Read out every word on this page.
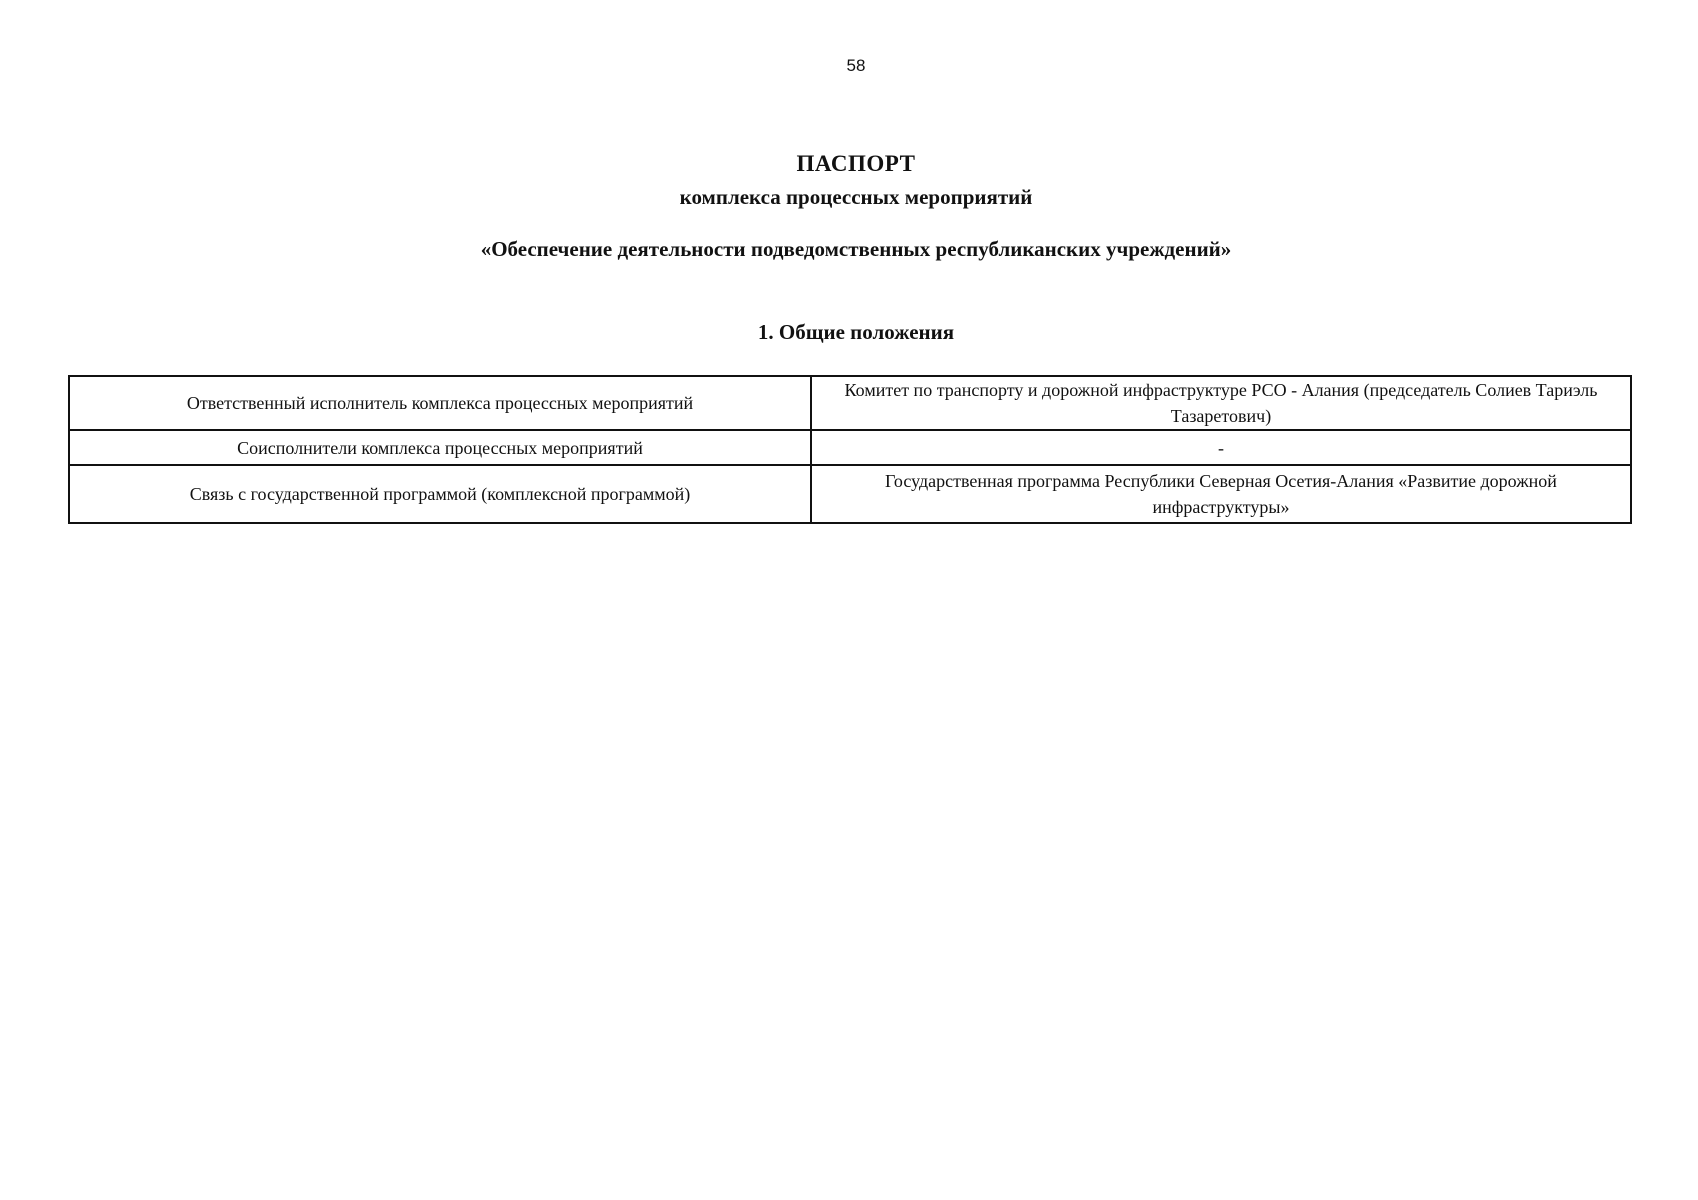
58
ПАСПОРТ
комплекса процессных мероприятий
«Обеспечение деятельности подведомственных республиканских учреждений»
1. Общие положения
Ответственный исполнитель комплекса процессных мероприятий	Комитет по транспорту и дорожной инфраструктуре РСО - Алания (председатель Солиев Тариэль Тазаретович)
Соисполнители комплекса процессных мероприятий	-
Связь с государственной программой (комплексной программой)	Государственная программа Республики Северная Осетия-Алания «Развитие дорожной инфраструктуры»
